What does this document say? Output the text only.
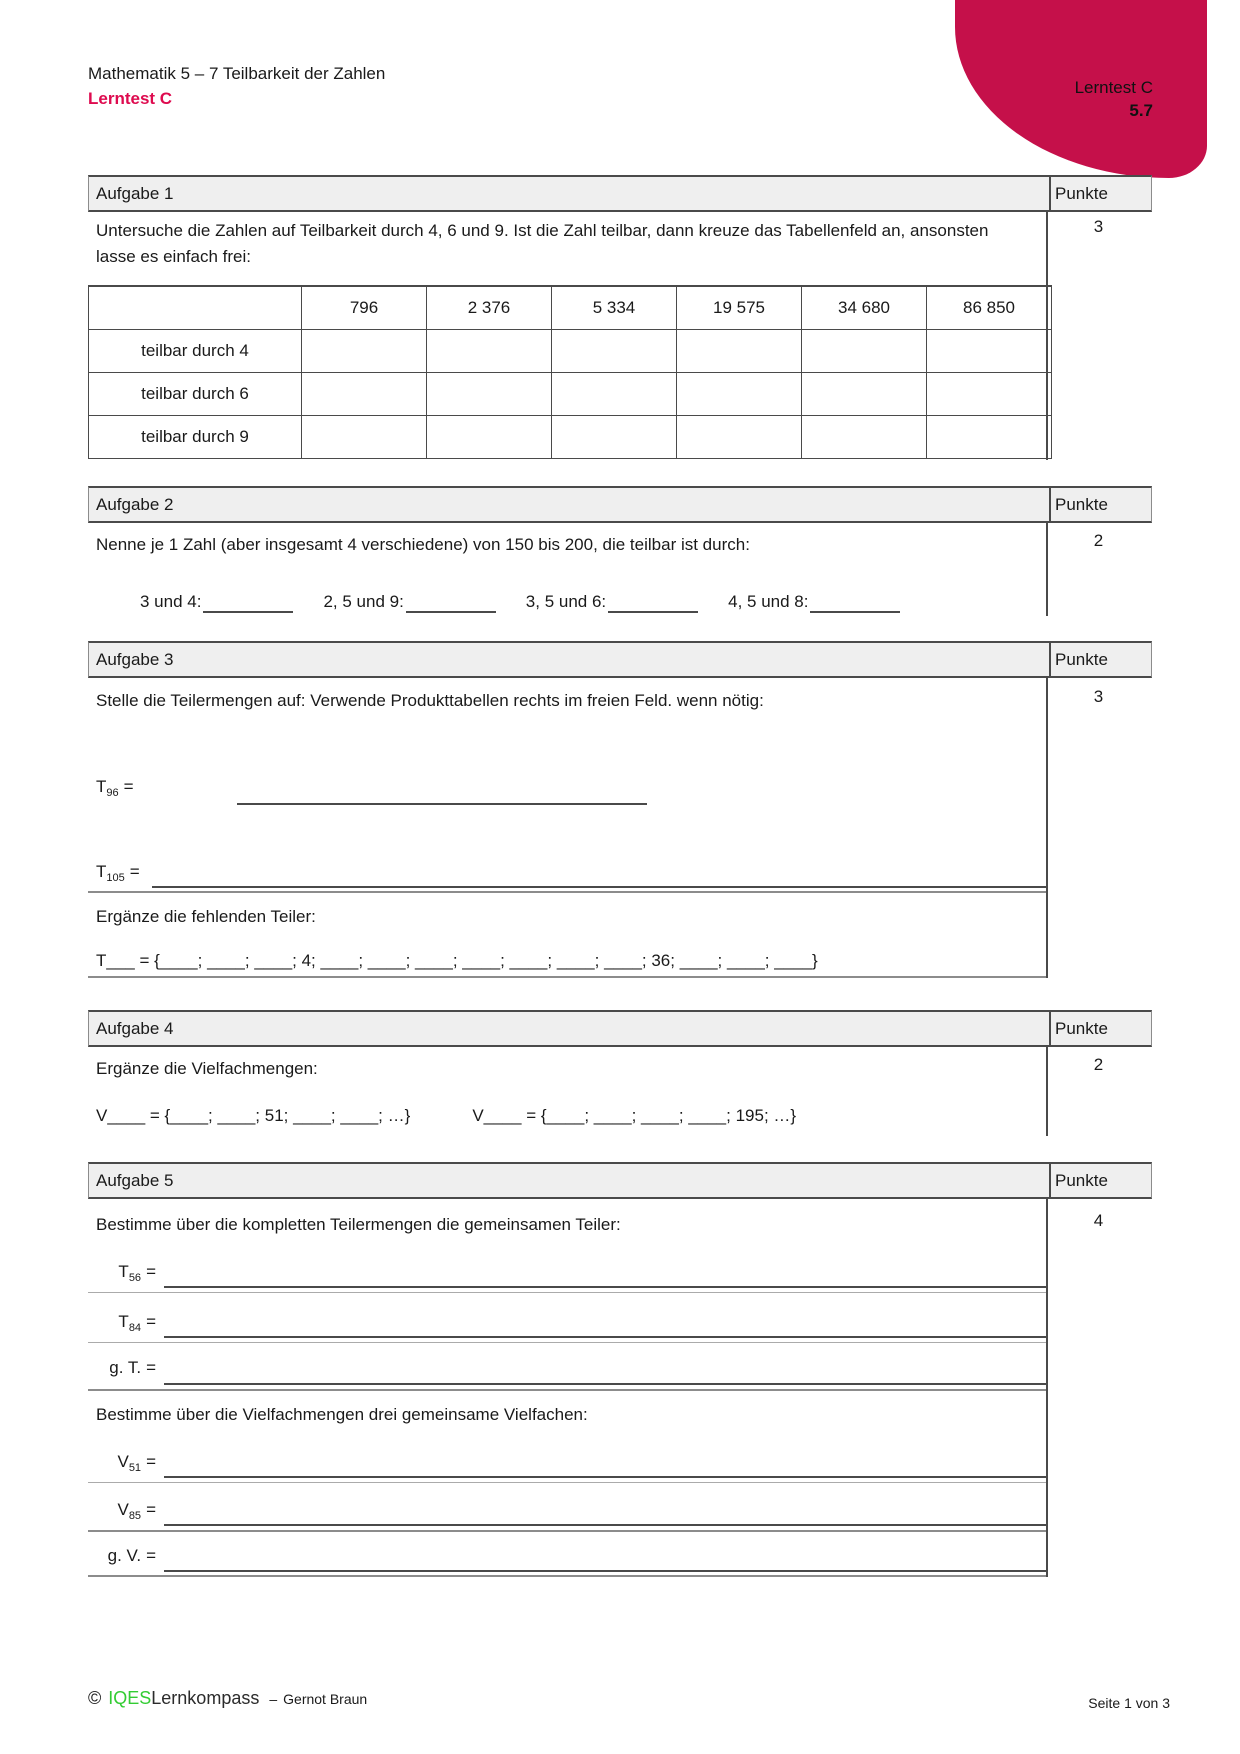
Mathematik 5 – 7 Teilbarkeit der Zahlen
Lerntest C
Lerntest C
5.7
Aufgabe 1	Punkte
3
Untersuche die Zahlen auf Teilbarkeit durch 4, 6 und 9. Ist die Zahl teilbar, dann kreuze das Tabellenfeld an, ansonsten lasse es einfach frei:
	796	2 376	5 334	19 575	34 680	86 850
teilbar durch 4						
teilbar durch 6						
teilbar durch 9						
Aufgabe 2	Punkte
2
Nenne je 1 Zahl (aber insgesamt 4 verschiedene) von 150 bis 200, die teilbar ist durch:
3 und 4:	2, 5 und 9:	3, 5 und 6:	4, 5 und 8:
Aufgabe 3	Punkte
3
Stelle die Teilermengen auf: Verwende Produkttabellen rechts im freien Feld. wenn nötig:
$T_{96}$ =
$T_{105}$ =
Ergänze die fehlenden Teiler:
T___ = {____; ____; ____; 4; ____; ____; ____; ____; ____; ____; ____; 36; ____; ____; ____}
Aufgabe 4	Punkte
2
Ergänze die Vielfachmengen:
V____ = {____; ____; 51; ____; ____; …}	V____ = {____; ____; ____; ____; 195; …}
Aufgabe 5	Punkte
4
Bestimme über die kompletten Teilermengen die gemeinsamen Teiler:
$T_{56}$ =
$T_{84}$ =
g. T. =
Bestimme über die Vielfachmengen drei gemeinsame Vielfachen:
$V_{51}$ =
$V_{85}$ =
g. V. =
© IQES Lernkompass – Gernot Braun	Seite 1 von 3
